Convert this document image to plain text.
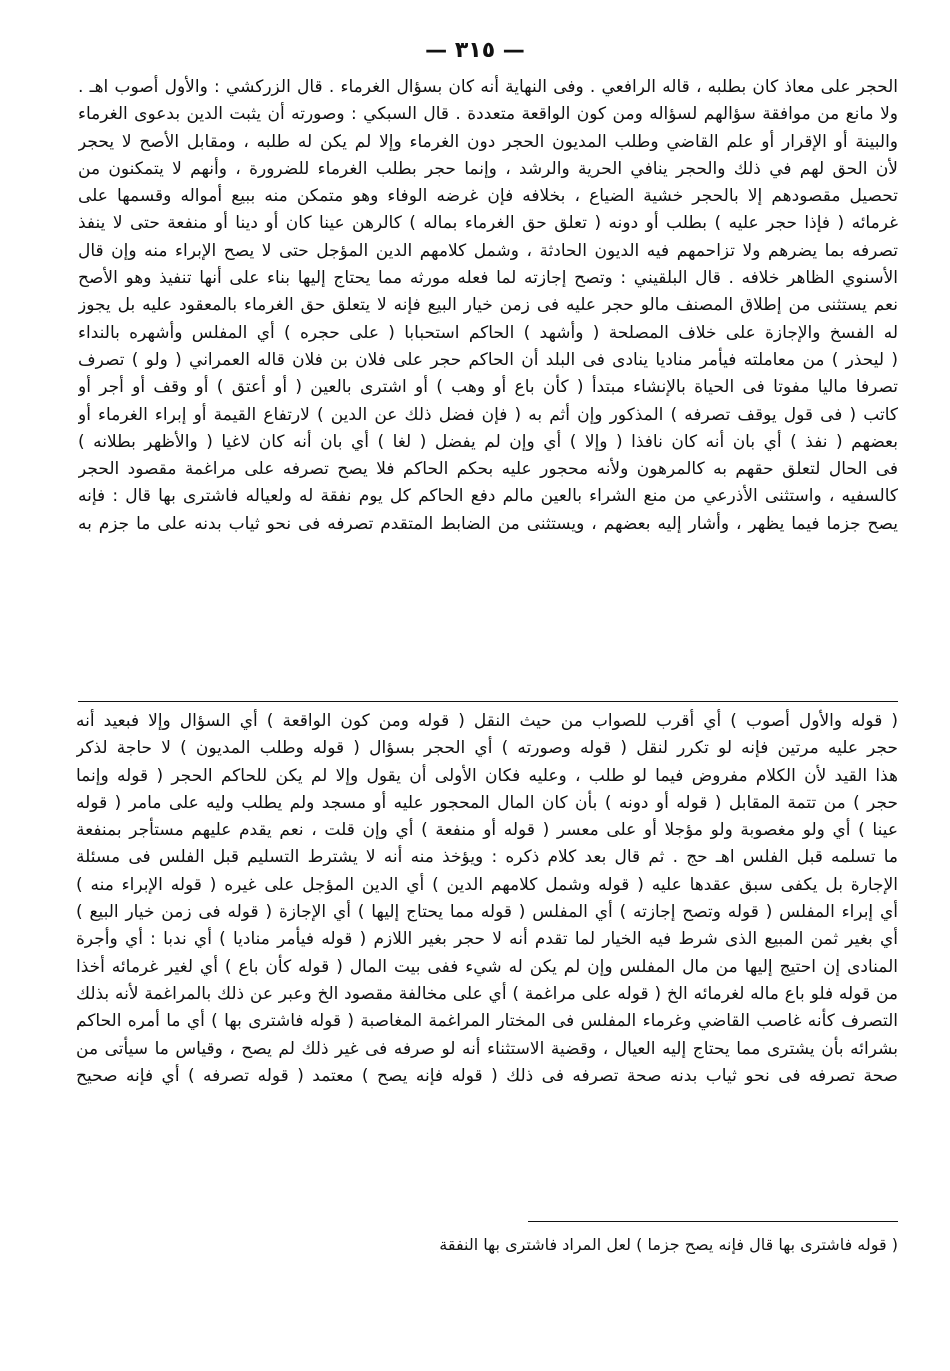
— ٣١٥ —
الحجر على معاذ كان بطلبه ، قاله الرافعي . وفى النهاية أنه كان بسؤال الغرماء . قال الزركشي : والأول أصوب اهـ .
ولا مانع من موافقة سؤالهم لسؤاله ومن كون الواقعة متعددة . قال السبكي : وصورته أن يثبت الدين بدعوى الغرماء
والبينة أو الإقرار أو علم القاضي وطلب المديون الحجر دون الغرماء وإلا لم يكن له طلبه ، ومقابل الأصح لا يحجر
لأن الحق لهم في ذلك والحجر ينافي الحرية والرشد ، وإنما حجر بطلب الغرماء للضرورة ، وأنهم لا يتمكنون من
تحصيل مقصودهم إلا بالحجر خشية الضياع ، بخلافه فإن غرضه الوفاء وهو متمكن منه ببيع أمواله وقسمها على
غرمائه ( فإذا حجر عليه ) بطلب أو دونه ( تعلق حق الغرماء بماله ) كالرهن عينا كان أو دينا أو منفعة حتى لا ينفذ
تصرفه بما يضرهم ولا تزاحمهم فيه الديون الحادثة ، وشمل كلامهم الدين المؤجل حتى لا يصح الإبراء منه وإن قال
الأسنوي الظاهر خلافه . قال البلقيني : وتصح إجازته لما فعله مورثه مما يحتاج إليها بناء على أنها تنفيذ وهو الأصح
نعم يستثنى من إطلاق المصنف مالو حجر عليه فى زمن خيار البيع فإنه لا يتعلق حق الغرماء بالمعقود عليه بل يجوز
له الفسخ والإجازة على خلاف المصلحة ( وأشهد ) الحاكم استحبابا ( على حجره ) أي المفلس وأشهره بالنداء
( ليحذر ) من معاملته فيأمر مناديا ينادى فى البلد أن الحاكم حجر على فلان بن فلان قاله العمراني ( ولو ) تصرف
تصرفا ماليا مفوتا فى الحياة بالإنشاء مبتدأ ( كأن باع أو وهب ) أو اشترى بالعين ( أو أعتق ) أو وقف أو أجر أو
كاتب ( فى قول يوقف تصرفه ) المذكور وإن أثم به ( فإن فضل ذلك عن الدين ) لارتفاع القيمة أو إبراء الغرماء أو
بعضهم ( نفذ ) أي بان أنه كان نافذا ( وإلا ) أي وإن لم يفضل ( لغا ) أي بان أنه كان لاغيا ( والأظهر بطلانه )
فى الحال لتعلق حقهم به كالمرهون ولأنه محجور عليه بحكم الحاكم فلا يصح تصرفه على مراغمة مقصود الحجر
كالسفيه ، واستثنى الأذرعي من منع الشراء بالعين مالم دفع الحاكم كل يوم نفقة له ولعياله فاشترى بها قال : فإنه
يصح جزما فيما يظهر ، وأشار إليه بعضهم ، ويستثنى من الضابط المتقدم تصرفه فى نحو ثياب بدنه على ما جزم به
( قوله والأول أصوب ) أي أقرب للصواب من حيث النقل ( قوله ومن كون الواقعة ) أي السؤال وإلا فبعيد أنه
حجر عليه مرتين فإنه لو تكرر لنقل ( قوله وصورته ) أي الحجر بسؤال ( قوله وطلب المديون ) لا حاجة لذكر
هذا القيد لأن الكلام مفروض فيما لو طلب ، وعليه فكان الأولى أن يقول وإلا لم يكن للحاكم الحجر ( قوله وإنما
حجر ) من تتمة المقابل ( قوله أو دونه ) بأن كان المال المحجور عليه أو مسجد ولم يطلب وليه على مامر ( قوله
عينا ) أي ولو مغصوبة ولو مؤجلا أو على معسر ( قوله أو منفعة ) أي وإن قلت ، نعم يقدم عليهم مستأجر بمنفعة
ما تسلمه قبل الفلس اهـ حج . ثم قال بعد كلام ذكره : ويؤخذ منه أنه لا يشترط التسليم قبل الفلس فى مسئلة
الإجارة بل يكفى سبق عقدها عليه ( قوله وشمل كلامهم الدين ) أي الدين المؤجل على غيره ( قوله الإبراء منه )
أي إبراء المفلس ( قوله وتصح إجازته ) أي المفلس ( قوله مما يحتاج إليها ) أي الإجازة ( قوله فى زمن خيار البيع )
أي بغير ثمن المبيع الذى شرط فيه الخيار لما تقدم أنه لا حجر بغير اللازم ( قوله فيأمر مناديا ) أي ندبا : أي وأجرة
المنادى إن احتيج إليها من مال المفلس وإن لم يكن له شيء ففى بيت المال ( قوله كأن باع ) أي لغير غرمائه أخذا
من قوله فلو باع ماله لغرمائه الخ ( قوله على مراغمة ) أي على مخالفة مقصود الخ وعبر عن ذلك بالمراغمة لأنه بذلك
التصرف كأنه غاصب القاضي وغرماء المفلس فى المختار المراغمة المغاصبة ( قوله فاشترى بها ) أي ما أمره الحاكم
بشرائه بأن يشترى مما يحتاج إليه العيال ، وقضية الاستثناء أنه لو صرفه فى غير ذلك لم يصح ، وقياس ما سيأتى من
صحة تصرفه فى نحو ثياب بدنه صحة تصرفه فى ذلك ( قوله فإنه يصح ) معتمد ( قوله تصرفه ) أي فإنه صحيح
( قوله فاشترى بها قال فإنه يصح جزما ) لعل المراد فاشترى بها النفقة
